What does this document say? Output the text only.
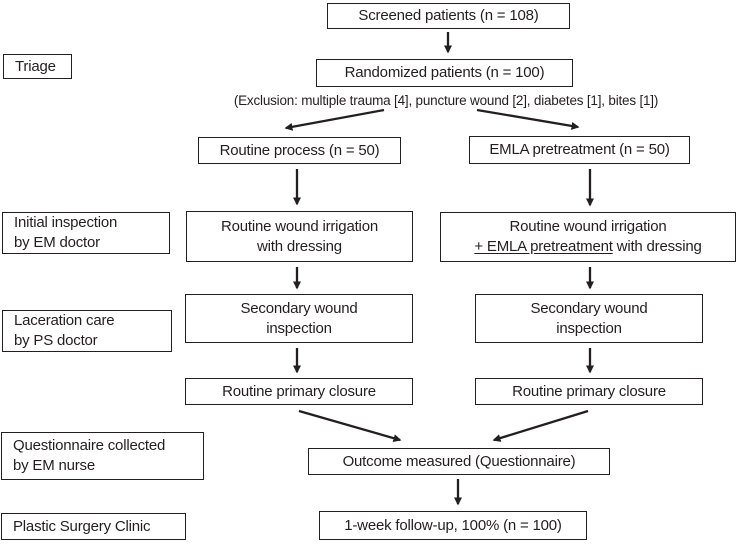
Screened patients (n = 108)
Randomized patients (n = 100)
(Exclusion: multiple trauma [4], puncture wound [2], diabetes [1], bites [1])
Routine process (n = 50)	EMLA pretreatment (n = 50)
Routine wound irrigation
with dressing
Routine wound irrigation
+ EMLA pretreatment with dressing
Secondary wound
inspection
Secondary wound
inspection
Routine primary closure	Routine primary closure
Outcome measured (Questionnaire)
1-week follow-up, 100% (n = 100)
Triage
Initial inspection
by EM doctor
Laceration care
by PS doctor
Questionnaire collected
by EM nurse
Plastic Surgery Clinic
